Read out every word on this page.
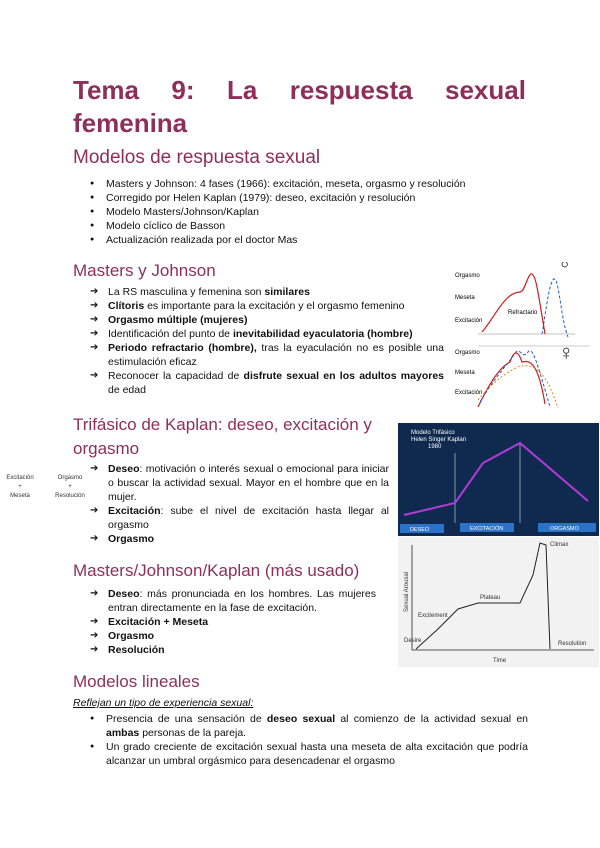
Tema 9: La respuesta sexual
femenina
Modelos de respuesta sexual
● Masters y Johnson: 4 fases (1966): excitación, meseta, orgasmo y resolución
● Corregido por Helen Kaplan (1979): deseo, excitación y resolución
● Modelo Masters/Johnson/Kaplan
● Modelo cíclico de Basson
● Actualización realizada por el doctor Mas
Masters y Johnson
➔ La RS masculina y femenina son similares
➔ Clítoris es importante para la excitación y el orgasmo femenino
➔ Orgasmo múltiple (mujeres)
➔ Identificación del punto de inevitabilidad eyaculatoria (hombre)
➔ Periodo refractario (hombre), tras la eyaculación no es posible una estimulación eficaz
➔ Reconocer la capacidad de disfrute sexual en los adultos mayores de edad
Orgasmo
Meseta
Excitación
Refractario
♂
Orgasmo
Meseta
Excitación
♀
Trifásico de Kaplan: deseo, excitación y orgasmo
Excitación
+
Meseta
Orgasmo
+
Resolución
➔ Deseo: motivación o interés sexual o emocional para iniciar o buscar la actividad sexual. Mayor en el hombre que en la mujer.
➔ Excitación: sube el nivel de excitación hasta llegar al orgasmo
➔ Orgasmo
Modelo Trifásico
Helen Singer Kaplan
1980
DESEO	EXCITACIÓN	ORGASMO
Masters/Johnson/Kaplan (más usado)
➔ Deseo: más pronunciada en los hombres. Las mujeres entran directamente en la fase de excitación.
➔ Excitación + Meseta
➔ Orgasmo
➔ Resolución
Sexual Arousal
Time
Climax
Plateau
Excitement
Desire	Resolution
Modelos lineales
Reflejan un tipo de experiencia sexual:
● Presencia de una sensación de deseo sexual al comienzo de la actividad sexual en ambas personas de la pareja.
● Un grado creciente de excitación sexual hasta una meseta de alta excitación que podría alcanzar un umbral orgásmico para desencadenar el orgasmo
